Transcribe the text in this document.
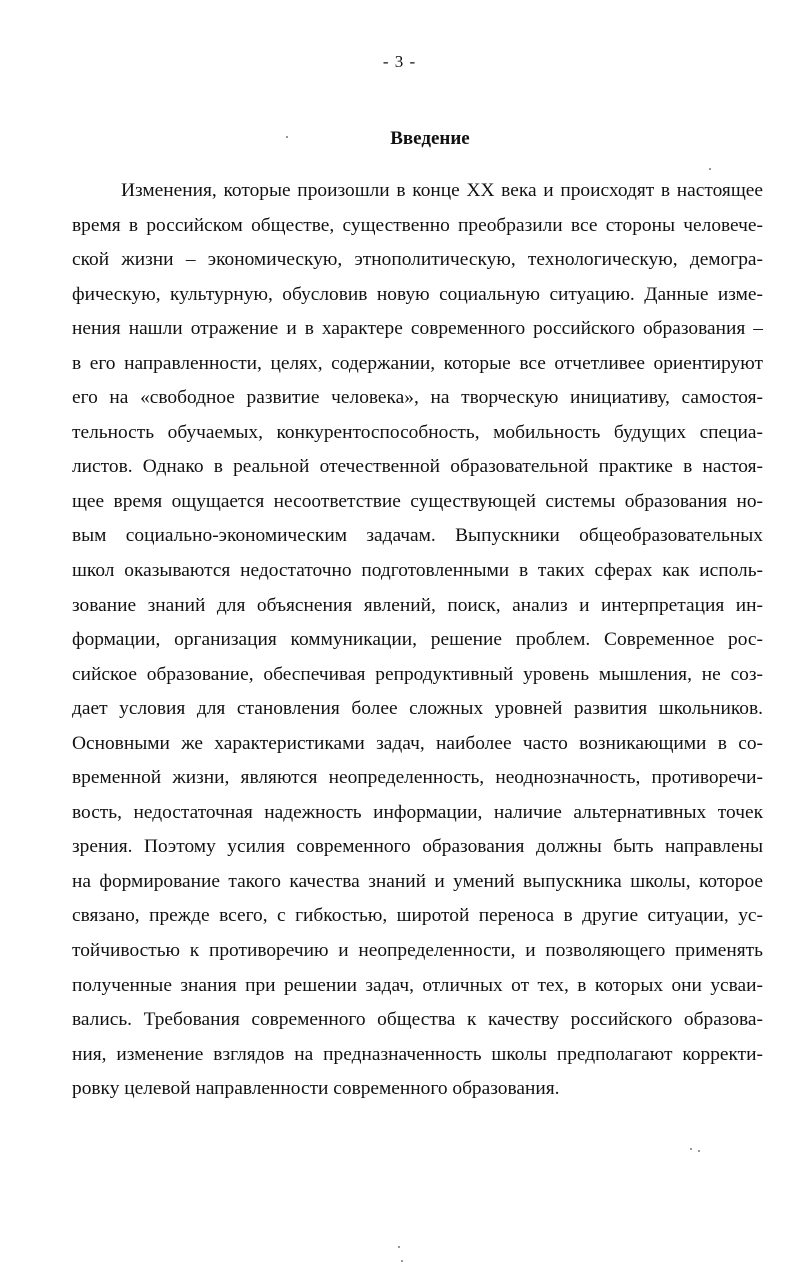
- 3 -
Введение
Изменения, которые произошли в конце XX века и происходят в настоящее
время в российском обществе, существенно преобразили все стороны человече-
ской жизни – экономическую, этнополитическую, технологическую, демогра-
фическую, культурную, обусловив новую социальную ситуацию. Данные изме-
нения нашли отражение и в характере современного российского образования –
в его направленности, целях, содержании, которые все отчетливее ориентируют
его на «свободное развитие человека», на творческую инициативу, самостоя-
тельность обучаемых, конкурентоспособность, мобильность будущих специа-
листов. Однако в реальной отечественной образовательной практике в настоя-
щее время ощущается несоответствие существующей системы образования но-
вым социально-экономическим задачам. Выпускники общеобразовательных
школ оказываются недостаточно подготовленными в таких сферах как исполь-
зование знаний для объяснения явлений, поиск, анализ и интерпретация ин-
формации, организация коммуникации, решение проблем. Современное рос-
сийское образование, обеспечивая репродуктивный уровень мышления, не соз-
дает условия для становления более сложных уровней развития школьников.
Основными же характеристиками задач, наиболее часто возникающими в со-
временной жизни, являются неопределенность, неоднозначность, противоречи-
вость, недостаточная надежность информации, наличие альтернативных точек
зрения. Поэтому усилия современного образования должны быть направлены
на формирование такого качества знаний и умений выпускника школы, которое
связано, прежде всего, с гибкостью, широтой переноса в другие ситуации, ус-
тойчивостью к противоречию и неопределенности, и позволяющего применять
полученные знания при решении задач, отличных от тех, в которых они усваи-
вались. Требования современного общества к качеству российского образова-
ния, изменение взглядов на предназначенность школы предполагают корректи-
ровку целевой направленности современного образования.
